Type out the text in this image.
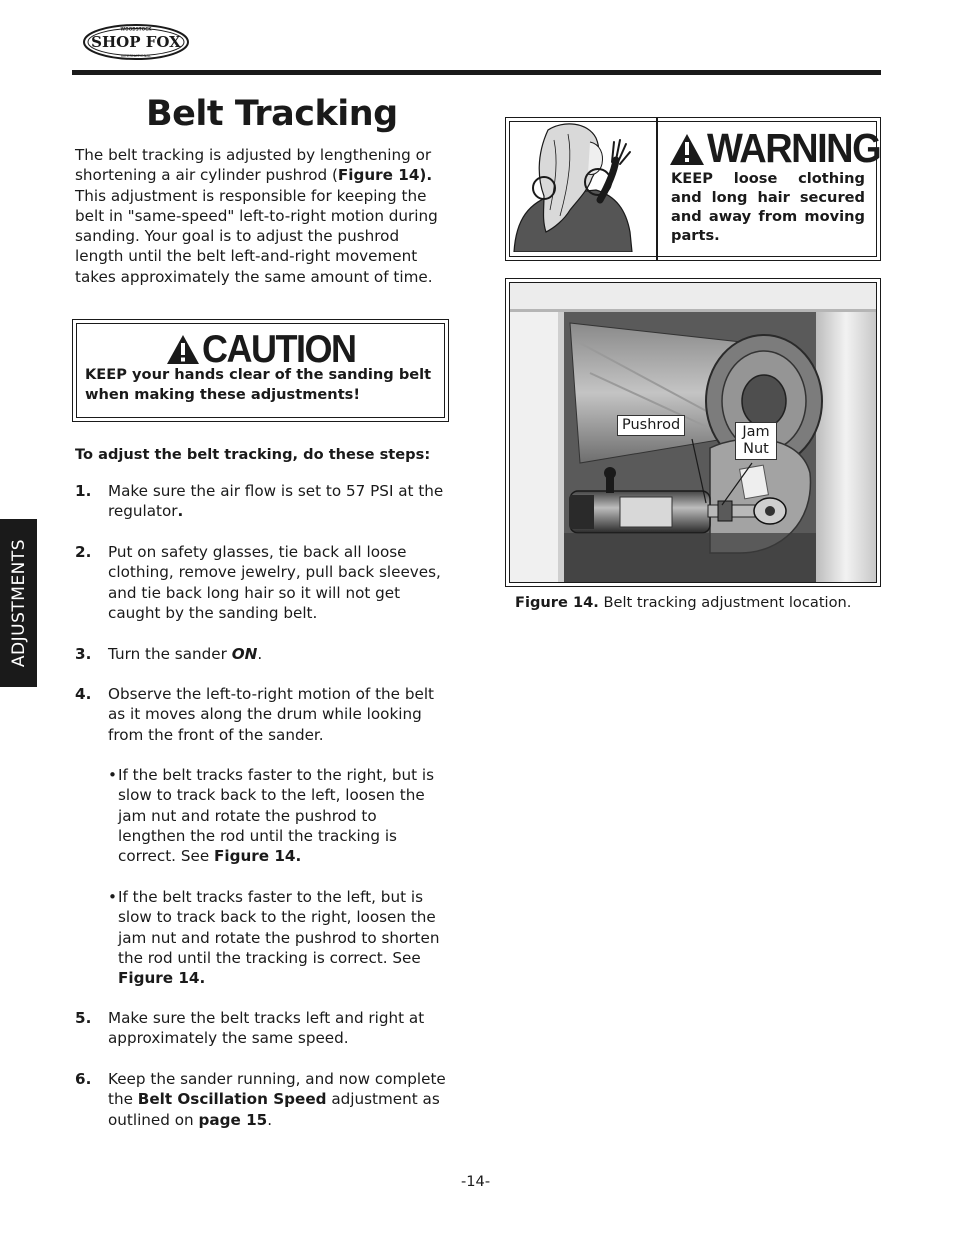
WOODSTOCK
SHOP FOX
INTERNATIONAL
Belt Tracking

The belt tracking is adjusted by lengthening or shortening a air cylinder pushrod (Figure 14). This adjustment is responsible for keeping the belt in "same-speed" left-to-right motion during sanding. Your goal is to adjust the pushrod length until the belt left-and-right movement takes approximately the same amount of time.

CAUTION

KEEP your hands clear of the sanding belt when making these adjustments!

To adjust the belt tracking, do these steps:

1. Make sure the air flow is set to 57 PSI at the regulator.

2. Put on safety glasses, tie back all loose clothing, remove jewelry, pull back sleeves, and tie back long hair so it will not get caught by the sanding belt.

3. Turn the sander ON.

4. Observe the left-to-right motion of the belt as it moves along the drum while looking from the front of the sander.

• If the belt tracks faster to the right, but is slow to track back to the left, loosen the jam nut and rotate the pushrod to lengthen the rod until the tracking is correct. See Figure 14.

• If the belt tracks faster to the left, but is slow to track back to the right, loosen the jam nut and rotate the pushrod to shorten the rod until the tracking is correct. See Figure 14.

5. Make sure the belt tracks left and right at approximately the same speed.

6. Keep the sander running, and now complete the Belt Oscillation Speed adjustment as outlined on page 15.

ADJUSTMENTS
WARNING

KEEP loose clothing and long hair secured and away from moving parts.

Pushrod	Jam
Nut

Figure 14. Belt tracking adjustment location.

-14-
